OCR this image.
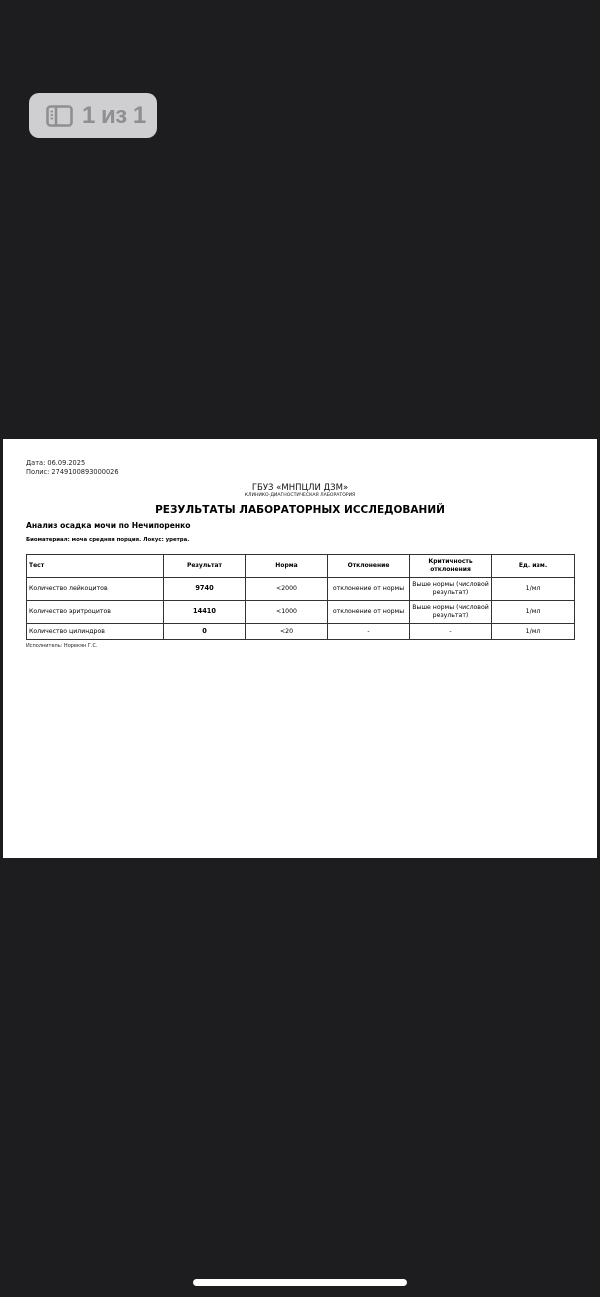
1 из 1
Дата: 06.09.2025
Полис: 2749100893000026
ГБУЗ «МНПЦЛИ ДЗМ»
КЛИНИКО-ДИАГНОСТИЧЕСКАЯ ЛАБОРАТОРИЯ
РЕЗУЛЬТАТЫ ЛАБОРАТОРНЫХ ИССЛЕДОВАНИЙ
Анализ осадка мочи по Нечипоренко
Биоматериал: моча средняя порция. Локус: уретра.
Тест	Результат	Норма	Отклонение	Критичность отклонения	Ед. изм.
Количество лейкоцитов	9740	<2000	отклонение от нормы	Выше нормы (числовой результат)	1/мл
Количество эритроцитов	14410	<1000	отклонение от нормы	Выше нормы (числовой результат)	1/мл
Количество цилиндров	0	<20	-	-	1/мл
Исполнитель: Норекян Г.С.
